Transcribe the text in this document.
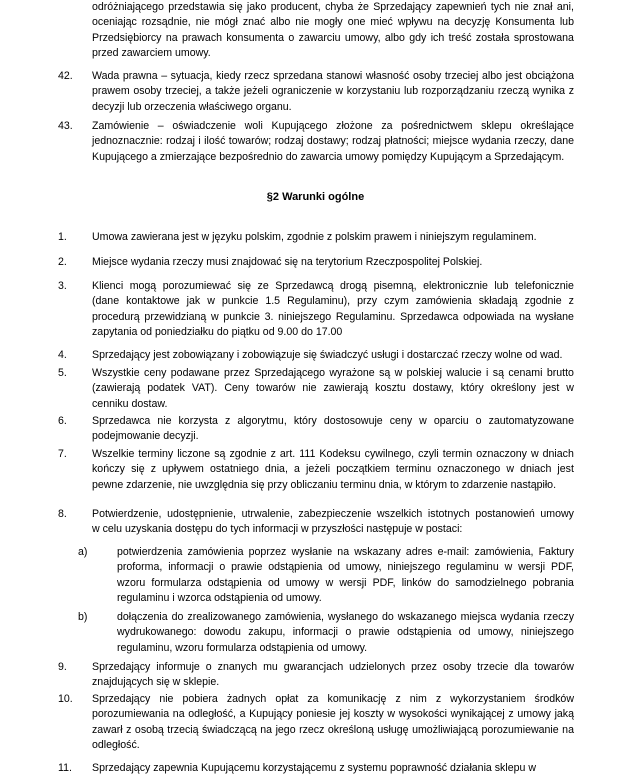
§2 Warunki ogólne
odróżniającego przedstawia się jako producent, chyba że Sprzedający zapewnień tych nie znał ani,
oceniając rozsądnie, nie mógł znać albo nie mogły one mieć wpływu na decyzję Konsumenta lub
Przedsiębiorcy na prawach konsumenta o zawarciu umowy, albo gdy ich treść została sprostowana
przed zawarciem umowy.
42. Wada prawna – sytuacja, kiedy rzecz sprzedana stanowi własność osoby trzeciej albo jest obciążona
prawem osoby trzeciej, a także jeżeli ograniczenie w korzystaniu lub rozporządzaniu rzeczą wynika z
decyzji lub orzeczenia właściwego organu.
43. Zamówienie – oświadczenie woli Kupującego złożone za pośrednictwem sklepu określające
jednoznacznie: rodzaj i ilość towarów; rodzaj dostawy; rodzaj płatności; miejsce wydania rzeczy, dane
Kupującego a zmierzające bezpośrednio do zawarcia umowy pomiędzy Kupującym a Sprzedającym.
1. Umowa zawierana jest w języku polskim, zgodnie z polskim prawem i niniejszym regulaminem.
2. Miejsce wydania rzeczy musi znajdować się na terytorium Rzeczpospolitej Polskiej.
3. Klienci mogą porozumiewać się ze Sprzedawcą drogą pisemną, elektronicznie lub telefonicznie
(dane kontaktowe jak w punkcie 1.5 Regulaminu), przy czym zamówienia składają zgodnie z
procedurą przewidzianą w punkcie 3. niniejszego Regulaminu. Sprzedawca odpowiada na wysłane
zapytania od poniedziałku do piątku od 9.00 do 17.00
4. Sprzedający jest zobowiązany i zobowiązuje się świadczyć usługi i dostarczać rzeczy wolne od wad.
5. Wszystkie ceny podawane przez Sprzedającego wyrażone są w polskiej walucie i są cenami brutto
(zawierają podatek VAT). Ceny towarów nie zawierają kosztu dostawy, który określony jest w
cenniku dostaw.
6. Sprzedawca nie korzysta z algorytmu, który dostosowuje ceny w oparciu o zautomatyzowane
podejmowanie decyzji.
7. Wszelkie terminy liczone są zgodnie z art. 111 Kodeksu cywilnego, czyli termin oznaczony w dniach
kończy się z upływem ostatniego dnia, a jeżeli początkiem terminu oznaczonego w dniach jest
pewne zdarzenie, nie uwzględnia się przy obliczaniu terminu dnia, w którym to zdarzenie nastąpiło.
8. Potwierdzenie, udostępnienie, utrwalenie, zabezpieczenie wszelkich istotnych postanowień umowy
w celu uzyskania dostępu do tych informacji w przyszłości następuje w postaci:
a)	potwierdzenia zamówienia poprzez wysłanie na wskazany adres e-mail: zamówienia, Faktury
proforma, informacji o prawie odstąpienia od umowy, niniejszego regulaminu w wersji PDF,
wzoru formularza odstąpienia od umowy w wersji PDF, linków do samodzielnego pobrania
regulaminu i wzorca odstąpienia od umowy.
b)	dołączenia do zrealizowanego zamówienia, wysłanego do wskazanego miejsca wydania rzeczy
wydrukowanego: dowodu zakupu, informacji o prawie odstąpienia od umowy, niniejszego
regulaminu, wzoru formularza odstąpienia od umowy.
9. Sprzedający informuje o znanych mu gwarancjach udzielonych przez osoby trzecie dla towarów
znajdujących się w sklepie.
10. Sprzedający nie pobiera żadnych opłat za komunikację z nim z wykorzystaniem środków
porozumiewania na odległość, a Kupujący poniesie jej koszty w wysokości wynikającej z umowy jaką
zawarł z osobą trzecią świadczącą na jego rzecz określoną usługę umożliwiającą porozumiewanie na
odległość.
11. Sprzedający zapewnia Kupującemu korzystającemu z systemu poprawność działania sklepu w
